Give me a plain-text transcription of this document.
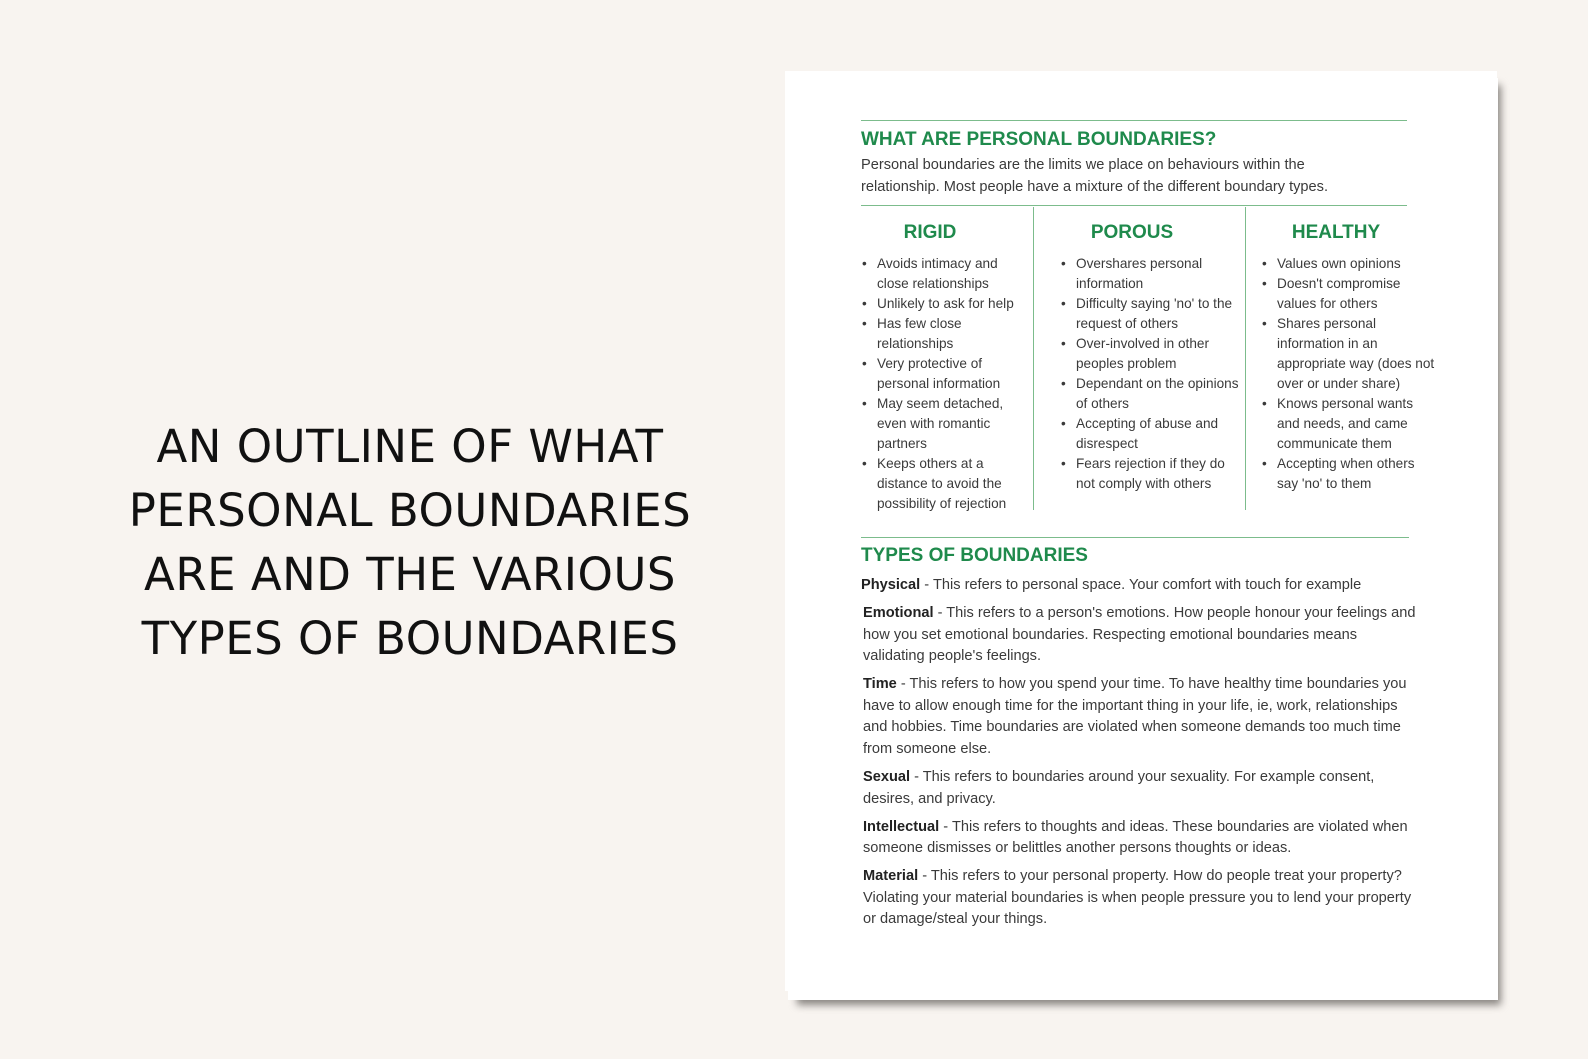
AN OUTLINE OF WHAT
PERSONAL BOUNDARIES
ARE AND THE VARIOUS
TYPES OF BOUNDARIES
WHAT ARE PERSONAL BOUNDARIES?
Personal boundaries are the limits we place on behaviours within the
relationship. Most people have a mixture of the different boundary types.
RIGID	POROUS	HEALTHY
• Avoids intimacy and close relationships
• Unlikely to ask for help
• Has few close relationships
• Very protective of personal information
• May seem detached, even with romantic partners
• Keeps others at a distance to avoid the possibility of rejection
• Overshares personal information
• Difficulty saying 'no' to the request of others
• Over-involved in other peoples problem
• Dependant on the opinions of others
• Accepting of abuse and disrespect
• Fears rejection if they do not comply with others
• Values own opinions
• Doesn't compromise values for others
• Shares personal information in an appropriate way (does not over or under share)
• Knows personal wants and needs, and came communicate them
• Accepting when others say 'no' to them
TYPES OF BOUNDARIES

Physical - This refers to personal space. Your comfort with touch for example

Emotional - This refers to a person's emotions. How people honour your feelings and how you set emotional boundaries. Respecting emotional boundaries means validating people's feelings.

Time - This refers to how you spend your time. To have healthy time boundaries you have to allow enough time for the important thing in your life, ie, work, relationships and hobbies. Time boundaries are violated when someone demands too much time from someone else.

Sexual - This refers to boundaries around your sexuality. For example consent, desires, and privacy.

Intellectual - This refers to thoughts and ideas. These boundaries are violated when someone dismisses or belittles another persons thoughts or ideas.

Material - This refers to your personal property. How do people treat your property? Violating your material boundaries is when people pressure you to lend your property or damage/steal your things.
